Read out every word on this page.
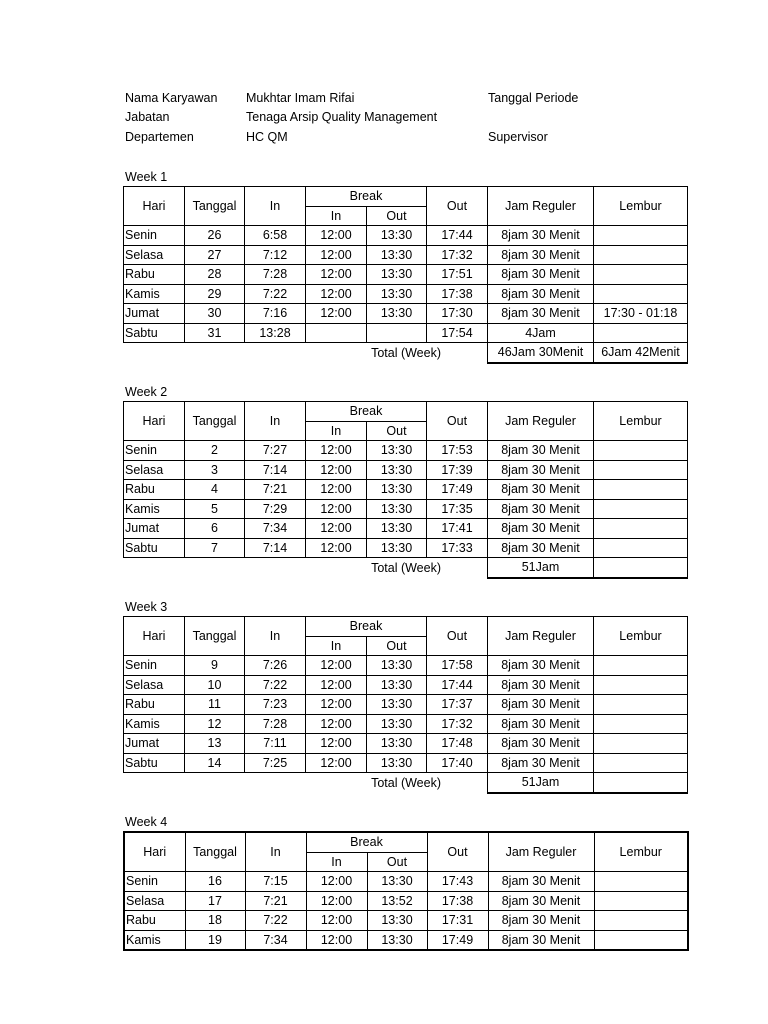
Nama Karyawan Mukhtar Imam Rifai	Tanggal Periode
Jabatan	Tenaga Arsip Quality Management
Departemen	HC QM	Supervisor
Week 1
Hari	Tanggal	In	Break		Out	Jam Reguler	Lembur
			In	Out			
Senin	26	6:58	12:00	13:30	17:44	8jam 30 Menit	
Selasa	27	7:12	12:00	13:30	17:32	8jam 30 Menit	
Rabu	28	7:28	12:00	13:30	17:51	8jam 30 Menit	
Kamis	29	7:22	12:00	13:30	17:38	8jam 30 Menit	
Jumat	30	7:16	12:00	13:30	17:30	8jam 30 Menit	17:30 - 01:18
Sabtu	31	13:28			17:54	4Jam	
Total (Week)						46Jam 30Menit	6Jam 42Menit
Week 2
Hari	Tanggal	In	Break		Out	Jam Reguler	Lembur
			In	Out			
Senin	2	7:27	12:00	13:30	17:53	8jam 30 Menit	
Selasa	3	7:14	12:00	13:30	17:39	8jam 30 Menit	
Rabu	4	7:21	12:00	13:30	17:49	8jam 30 Menit	
Kamis	5	7:29	12:00	13:30	17:35	8jam 30 Menit	
Jumat	6	7:34	12:00	13:30	17:41	8jam 30 Menit	
Sabtu	7	7:14	12:00	13:30	17:33	8jam 30 Menit	
Total (Week)						51Jam	
Week 3
Hari	Tanggal	In	Break		Out	Jam Reguler	Lembur
			In	Out			
Senin	9	7:26	12:00	13:30	17:58	8jam 30 Menit	
Selasa	10	7:22	12:00	13:30	17:44	8jam 30 Menit	
Rabu	11	7:23	12:00	13:30	17:37	8jam 30 Menit	
Kamis	12	7:28	12:00	13:30	17:32	8jam 30 Menit	
Jumat	13	7:11	12:00	13:30	17:48	8jam 30 Menit	
Sabtu	14	7:25	12:00	13:30	17:40	8jam 30 Menit	
Total (Week)						51Jam	
Week 4
Hari	Tanggal	In	Break		Out	Jam Reguler	Lembur
			In	Out			
Senin	16	7:15	12:00	13:30	17:43	8jam 30 Menit	
Selasa	17	7:21	12:00	13:52	17:38	8jam 30 Menit	
Rabu	18	7:22	12:00	13:30	17:31	8jam 30 Menit	
Kamis	19	7:34	12:00	13:30	17:49	8jam 30 Menit	
